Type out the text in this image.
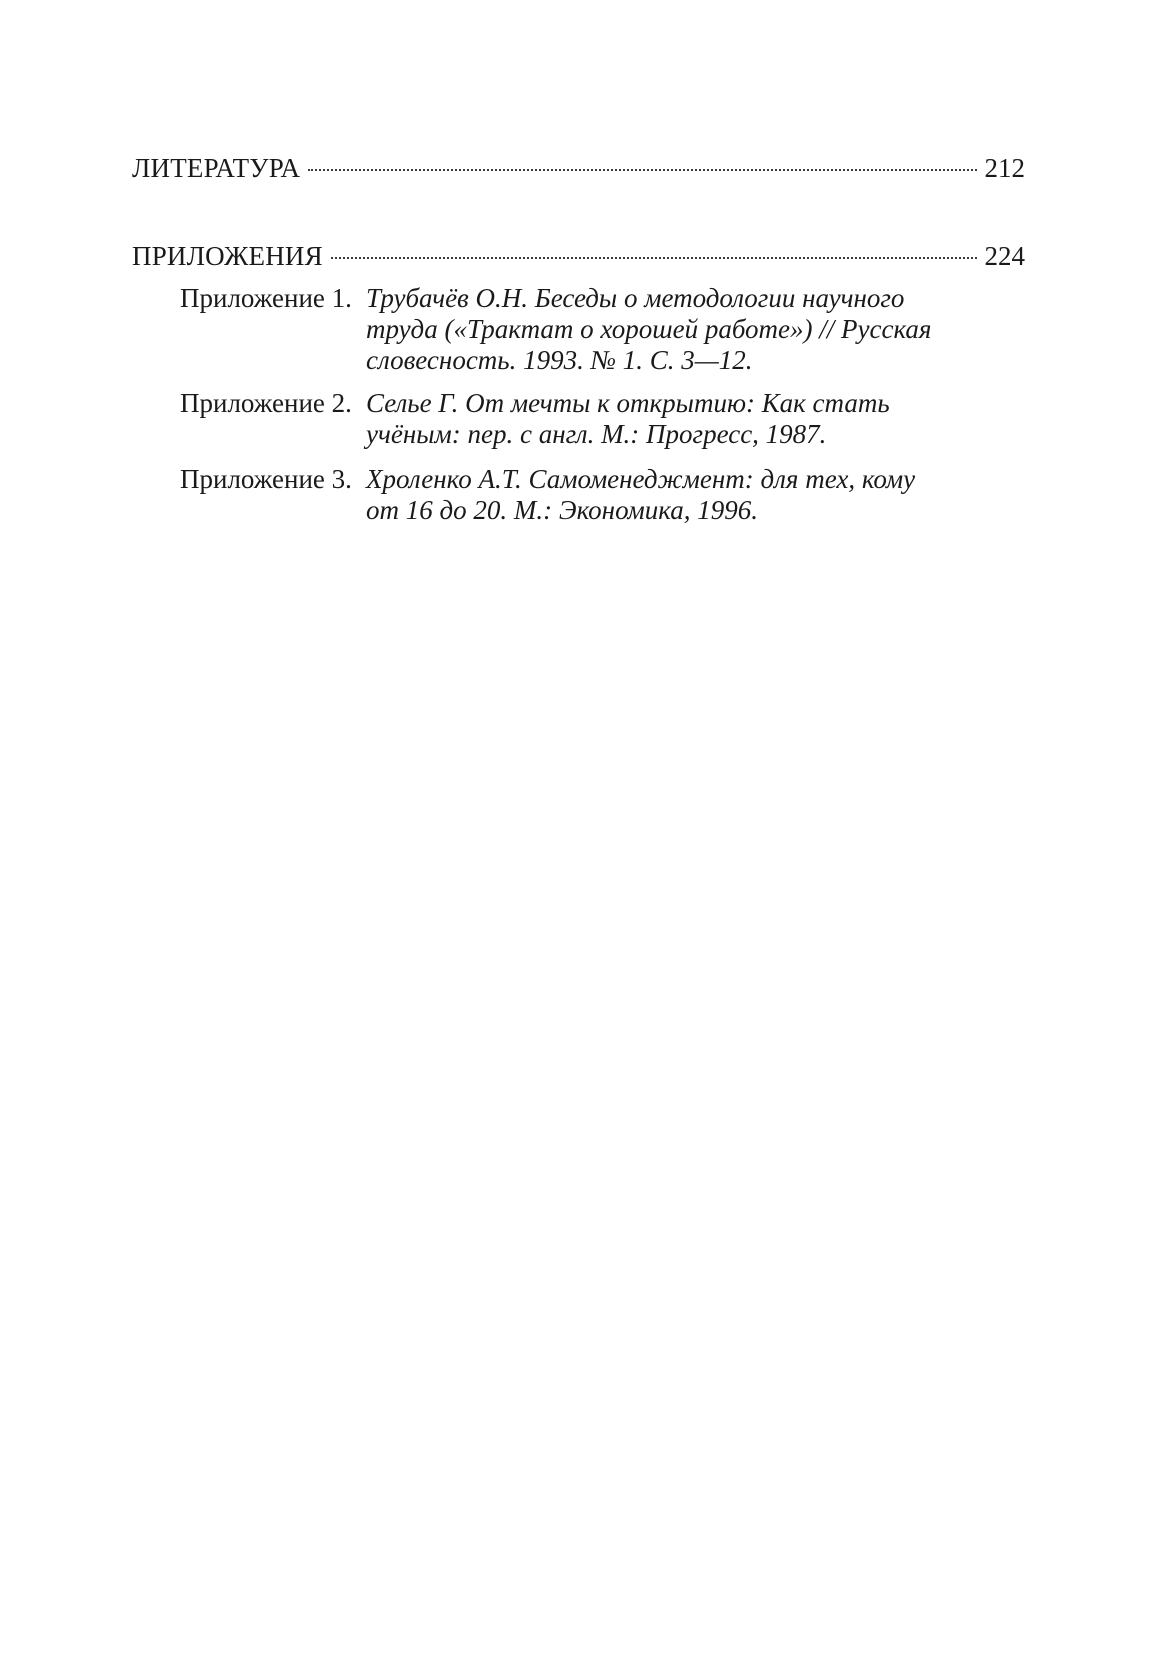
ЛИТЕРАТУРА	212
ПРИЛОЖЕНИЯ	224
Приложение 1. Трубачёв О.Н. Беседы о методологии научного
труда («Трактат о хорошей работе») // Русская
словесность. 1993. № 1. С. 3—12.
Приложение 2. Селье Г. От мечты к открытию: Как стать
учёным: пер. с англ. М.: Прогресс, 1987.
Приложение 3. Хроленко А.Т. Самоменеджмент: для тех, кому
от 16 до 20. М.: Экономика, 1996.
